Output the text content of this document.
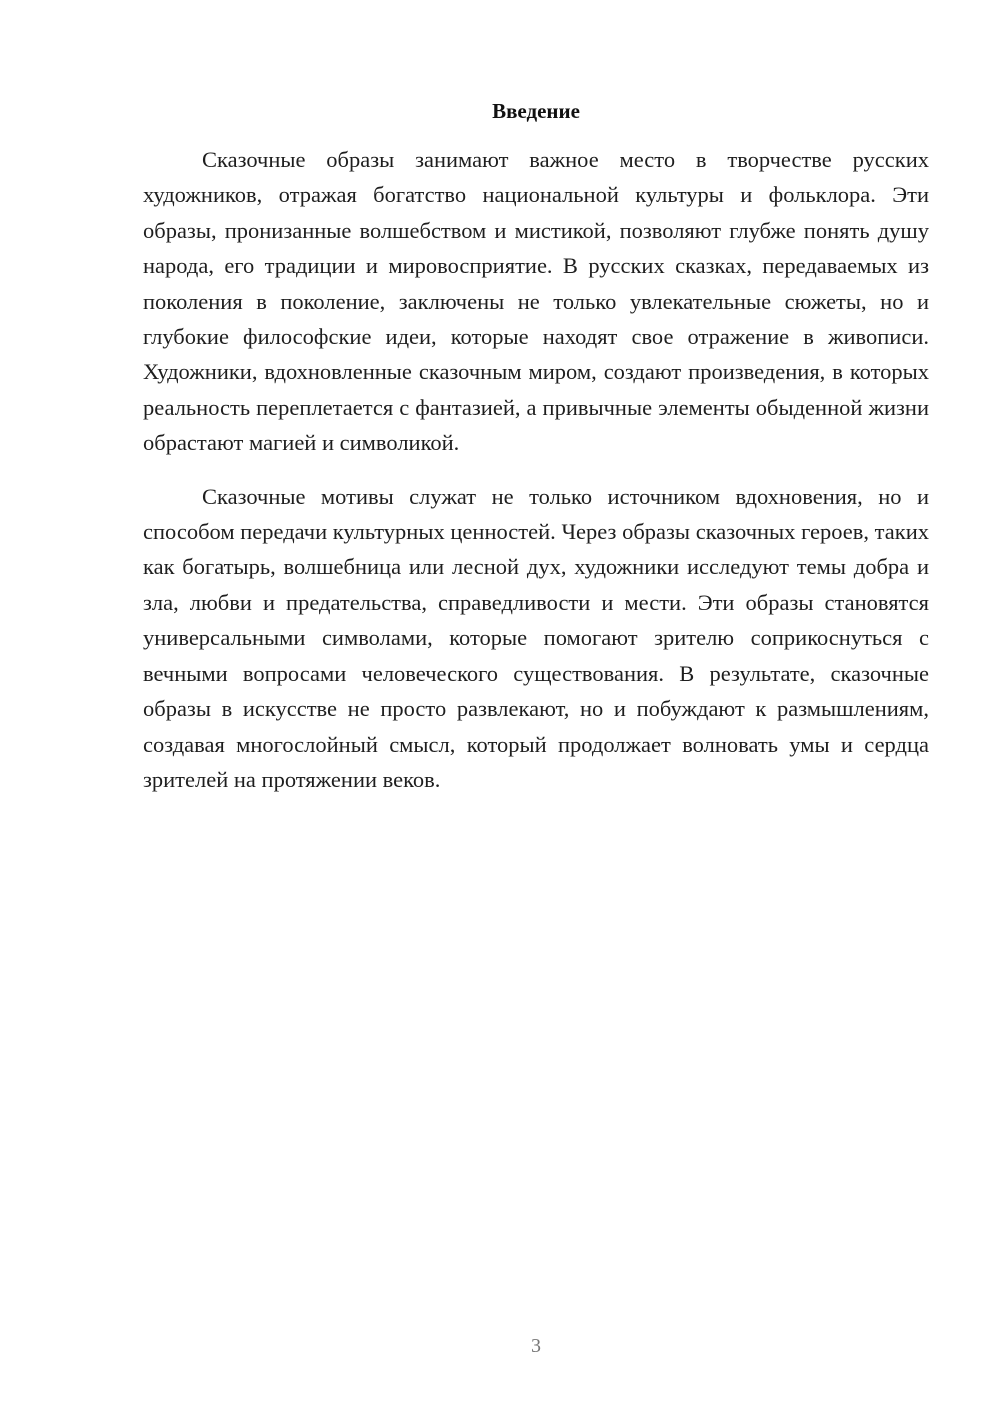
Введение

Сказочные образы занимают важное место в творчестве русских художников, отражая богатство национальной культуры и фольклора. Эти образы, пронизанные волшебством и мистикой, позволяют глубже понять душу народа, его традиции и мировосприятие. В русских сказках, передаваемых из поколения в поколение, заключены не только увлекательные сюжеты, но и глубокие философские идеи, которые находят свое отражение в живописи. Художники, вдохновленные сказочным миром, создают произведения, в которых реальность переплетается с фантазией, а привычные элементы обыденной жизни обрастают магией и символикой.

Сказочные мотивы служат не только источником вдохновения, но и способом передачи культурных ценностей. Через образы сказочных героев, таких как богатырь, волшебница или лесной дух, художники исследуют темы добра и зла, любви и предательства, справедливости и мести. Эти образы становятся универсальными символами, которые помогают зрителю соприкоснуться с вечными вопросами человеческого существования. В результате, сказочные образы в искусстве не просто развлекают, но и побуждают к размышлениям, создавая многослойный смысл, который продолжает волновать умы и сердца зрителей на протяжении веков.

3
